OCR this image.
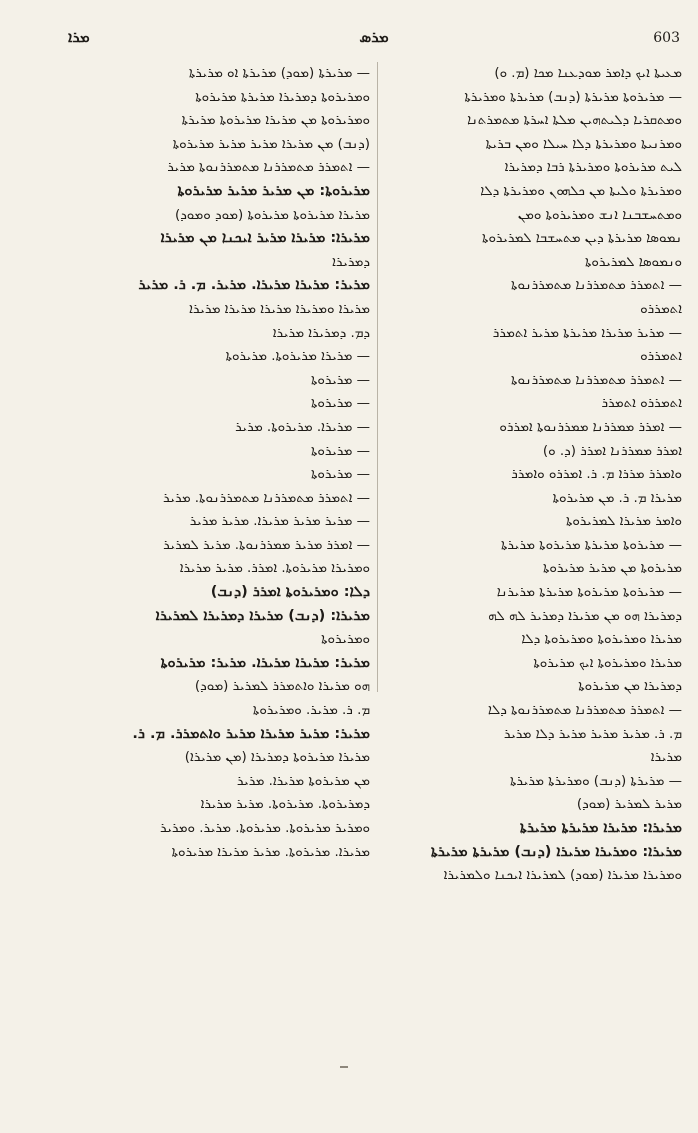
ܡܪܐ	ܡܪܣ	603
ܡܥܝܬܐ ܐܝܟ ܕܐܡܪ ܡܘܕܥܢܐ ܡܟܐ (ܡ. ܘ)
— ܡܪܝܪܘܬܐ ܡܪܝܪܬܐ (ܕܢܒ) ܡܪܝܪܬܐ ܘܡܪܝܪܬܐ
ܘܡܬܩܪܝܐ ܕܠܝܬܗܝܢ ܡܠܬܐ ܐܚܪܬܐ ܡܬܡܪܬܢܐ
ܘܡܪܢܝܬܐ ܘܡܪܝܪܬܐ ܕܠܐ ܚܝܠܐ ܘܡܢ ܒܪܝܬܐ
ܠܝܬ ܡܪܝܪܘܬܐ ܘܡܪܝܪܬܐ ܪܒܐ ܕܡܪܝܪܐ
ܘܡܪܝܪܬܐ ܘܠܝܬܐ ܡܢ ܟܠܗܘܢ ܘܡܪܝܪܬܐ ܕܠܐ
ܘܡܬܚܫܒܢܐ ܐܢܫ ܘܡܪܝܪܘܬܐ ܘܡܢ
ܢܡܘܣܐ ܡܪܝܪܬܐ ܕܝܢ ܡܬܚܫܒܐ ܠܡܪܝܪܘܬܐ
ܘܢܡܘܣܐ ܠܡܪܝܪܘܬܐ
— ܐܬܡܪܪ ܡܬܡܪܪܢܐ ܡܬܡܪܪܢܘܬܐ
ܐܬܡܪܪܘ
— ܡܪܝܪ ܡܪܝܪܐ ܡܪܝܪܬܐ ܡܪܝܪ ܐܬܡܪܪ
ܐܬܡܪܪܘ
— ܐܬܡܪܪ ܡܬܡܪܪܢܐ ܡܬܡܪܪܢܘܬܐ
ܐܬܡܪܪܘ ܐܬܡܪܪ
— ܐܡܪܪ ܡܡܪܪܢܐ ܡܡܪܪܢܘܬܐ ܐܡܪܪܘ
ܐܡܪܪ ܡܡܪܪܢܐ ܐܡܪܪ (ܕ. ܘ)
ܘܐܡܪܪ ܡܪܪܐ ܡ. ܪ. ܐܡܪܪܘ ܘܐܡܪܪ
ܡܪܝܪܐ ܡ. ܪ. ܡܢ ܡܪܝܪܘܬܐ
ܘܐܡܪ ܡܪܝܪܐ ܠܡܪܝܪܘܬܐ
— ܡܪܝܪܘܬܐ ܡܪܝܪܬܐ ܡܪܝܪܘܬܐ ܡܪܝܪܬܐ
ܡܪܝܪܘܬܐ ܡܢ ܡܪܝܪ ܡܪܝܪܘܬܐ
— ܡܪܝܪܘܬܐ ܡܪܝܪܘܬܐ ܡܪܝܪܬܐ ܡܪܝܪܢܐ
ܕܡܪܝܪܐ ܗܘ ܡܢ ܡܪܝܪܐ ܕܡܪܝܪ ܠܗ ܠܗ
ܡܪܝܪܐ ܘܡܪܝܪܘܬܐ ܘܡܪܝܪܘܬܐ ܕܠܐ
ܡܪܝܪܐ ܘܡܪܝܪܘܬܐ ܐܝܟ ܡܪܝܪܘܬܐ
ܕܡܪܝܪܐ ܡܢ ܡܪܝܪܘܬܐ
— ܐܬܡܪܪ ܡܬܡܪܪܢܐ ܡܬܡܪܪܢܘܬܐ ܕܠܐ
ܡ. ܪ. ܡܪܝܪ ܡܪܝܪ ܡܪܝܪ ܕܠܐ ܡܪܝܪ
ܡܪܝܪܐ
— ܡܪܝܪܬܐ (ܕܢܒ) ܘܡܪܝܪܬܐ ܡܪܝܪܬܐ
ܡܪܝܪ ܠܡܪܝܪ (ܡܘܕ)
ܡܪܝܪܐ: ܡܪܝܪܐ ܡܪܝܪܬܐ ܡܪܝܪܬܐ
ܡܪܝܪܐ: ܘܡܪܝܪܐ ܡܪܝܪܐ (ܕܢܒ) ܡܪܝܪܬܐ ܡܪܝܪܬܐ
ܘܡܪܝܪܐ ܡܪܝܪܐ (ܡܘܕ) ܠܡܪܝܪܐ ܐܝܟܢܐ ܘܠܡܪܝܪܐ
— ܡܪܝܪܬܐ (ܡܘܕ) ܡܪܝܪܬܐ ܐܘ ܡܪܝܪܬܐ
ܘܡܪܝܪܘܬܐ ܕܡܪܝܪܐ ܡܪܝܪܬܐ ܡܪܝܪܘܬܐ
ܘܡܪܝܪܘܬܐ ܡܢ ܡܪܝܪܐ ܡܪܝܪܘܬܐ ܡܪܝܪܬܐ
(ܕܢܒ) ܡܢ ܡܪܝܪܐ ܡܪܝܪ ܡܪܝܪ ܡܪܝܪܘܬܐ
— ܐܬܡܪܪ ܡܬܡܪܪܢܐ ܡܬܡܪܪܢܘܬܐ ܡܪܝܪ
ܡܪܝܪܘܬܐ: ܡܢ ܡܪܝܪ ܡܪܝܪ ܡܪܝܪܘܬܐ
ܡܪܝܪܐ ܡܪܝܪܘܬܐ ܡܪܝܪܘܬܐ (ܡܘܕ ܘܡܘܕ)
ܡܪܝܪܐ: ܡܪܝܪܐ ܡܪܝܪ ܐܝܟܢܐ ܡܢ ܡܪܝܪܐ
ܕܡܪܝܪܐ
ܡܪܝܪ: ܡܪܝܪܐ ܡܪܝܪܐ. ܡܪܝܪ. ܡ. ܪ. ܡܪܝܪ
ܡܪܝܪܐ ܘܡܪܝܪܐ ܡܪܝܪܐ ܡܪܝܪܐ ܡܪܝܪܐ
ܕܡ. ܕܡܪܝܪܐ ܡܪܝܪܐ
— ܡܪܝܪܐ ܡܪܝܪܘܬܐ. ܡܪܝܪܘܬܐ
— ܡܪܝܪܘܬܐ
— ܡܪܝܪܘܬܐ
— ܡܪܝܪܐ. ܡܪܝܪܘܬܐ. ܡܪܝܪ
— ܡܪܝܪܘܬܐ
— ܡܪܝܪܘܬܐ
— ܐܬܡܪܪ ܡܬܡܪܪܢܐ ܡܬܡܪܪܢܘܬܐ. ܡܪܝܪ
— ܡܪܝܪ ܡܪܝܪ ܡܪܝܪܐ. ܡܪܝܪ ܡܪܝܪ
— ܐܡܪܪ ܡܪܝܪ ܡܡܪܪܢܘܬܐ. ܡܪܝܪ ܠܡܪܝܪ
ܘܡܪܝܪܐ ܡܪܝܪܘܬܐ. ܐܡܪܪ. ܡܪܝܪ ܡܪܝܪܐ
ܕܠܐ: ܘܡܪܝܪܘܬܐ ܐܡܪܪ (ܕܢܒ)
ܡܪܝܪܐ: (ܕܢܒ) ܡܪܝܪܐ ܕܡܪܝܪܐ ܠܡܪܝܪܐ
ܘܡܪܝܪܘܬܐ
ܡܪܝܪ: ܡܪܝܪܐ ܡܪܝܪܐ. ܡܪܝܪ: ܡܪܝܪܘܬܐ
ܗܘ ܡܪܝܪܐ ܘܐܬܡܪܪ ܠܡܪܝܪ (ܡܘܕ)
ܡ. ܪ. ܡܪܝܪ. ܘܡܪܝܪܘܬܐ
ܡܪܝܪ: ܡܪܝܪ ܡܪܝܪܐ ܡܪܝܪ ܘܐܬܡܪܪ. ܡ. ܪ.
ܡܪܝܪܐ ܡܪܝܪܘܬܐ ܕܡܪܝܪܐ (ܡܢ ܡܪܝܪܐ)
ܡܢ ܡܪܝܪܘܬܐ ܡܪܝܪܐ. ܡܪܝܪ
ܕܡܪܝܪܘܬܐ. ܡܪܝܪܘܬܐ. ܡܪܝܪ ܡܪܝܪܐ
ܘܡܪܝܪ ܡܪܝܪܘܬܐ. ܡܪܝܪܘܬܐ. ܡܪܝܪ. ܘܡܪܝܪ
ܡܪܝܪܐ. ܡܪܝܪܘܬܐ. ܡܪܝܪ ܡܪܝܪܐ ܡܪܝܪܘܬܐ
